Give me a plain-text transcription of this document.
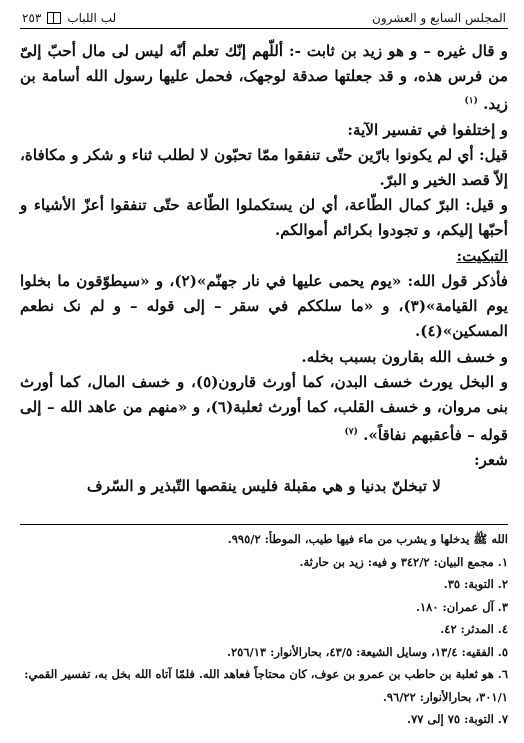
المجلس السابع و العشرون
لب اللباب
٢٥٣

و قال غيره – و هو زيد بن ثابت -: أللّهم إنّك تعلم أنّه ليس لی مال أحبّ إلىّ من فرس هذه، و قد جعلتها صدقة لوجهک، فحمل عليها رسول الله أسامة بن زيد. $^{(١)}$

و إختلفوا في تفسير الآية:

قيل: أي لم يكونوا بارّين حتّى تنفقوا ممّا تحبّون لا لطلب ثناء و شكر و مكافاة، إلاّ قصد الخير و البرّ.

و قيل: البرّ كمال الطّاعة، أي لن يستكملوا الطّاعة حتّى تنفقوا أعزّ الأشياء و أحبّها إليكم، و تجودوا بكرائم أموالكم.

التبكيت:

فأذكر قول الله: «يوم يحمى عليها في نار جهنّم»(٢)، و «سيطوّقون ما بخلوا يوم القيامة»(٣)، و «ما سلككم في سقر – إلى قوله – و لم نک نطعم المسكين»(٤).

و خسف الله بقارون بسبب بخله.

و البخل يورث خسف البدن، كما أورث قارون(٥)، و خسف المال، كما أورث بنى مروان، و خسف القلب، كما أورث ثعلبة(٦)، و «منهم من عاهد الله – إلى قوله – فأعقبهم نفاقاً». $^{(٧)}$

شعر:

لا تبخلنّ بدنيا و هي مقبلة فليس ينقصها التّبذير و السّرف

الله ﷺ يدخلها و يشرب من ماء فيها طيب، الموطأ: ٩٩٥/٢.

١. مجمع البيان: ٣٤٢/٢ و فيه: زيد بن حارثة.

٢. التوبة: ٣٥.

٣. آل عمران: ١٨٠.

٤. المدثر: ٤٢.

٥. الفقيه: ١٣/٤، وسايل الشيعة: ٤٣/٥، بحارالأنوار: ٢٥٦/١٣.

٦. هو ثعلبة بن حاطب بن عمرو بن عوف، كان محتاجاً فعاهد الله. فلمّا آتاه الله بخل به، تفسير القمي: ٣٠١/١، بحارالأنوار: ٩٦/٢٢.

٧. التوبة: ٧٥ إلى ٧٧.
